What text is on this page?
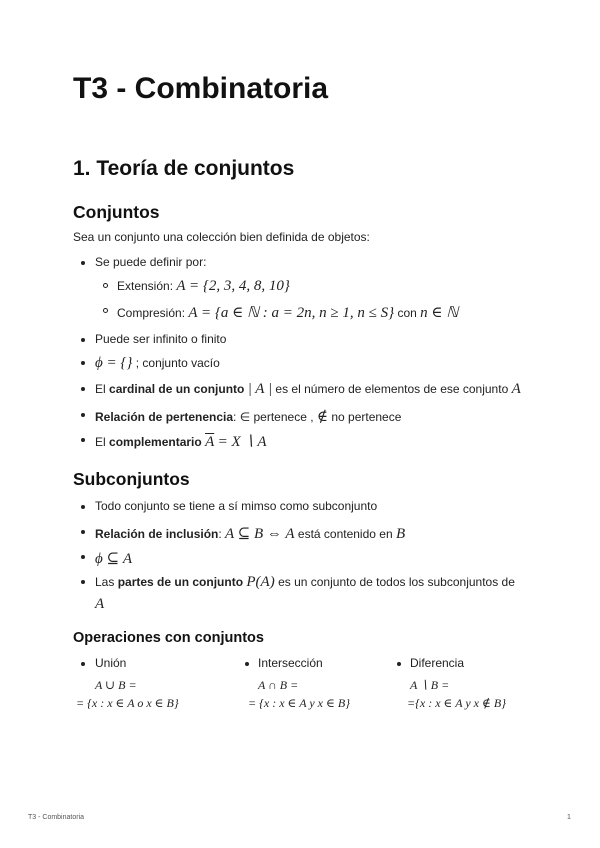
T3 - Combinatoria
1. Teoría de conjuntos
Conjuntos
Sea un conjunto una colección bien definida de objetos:
Se puede definir por:
Extensión: A = {2, 3, 4, 8, 10}
Compresión: A = {a ∈ ℕ : a = 2n, n ≥ 1, n ≤ S} con n ∈ ℕ
Puede ser infinito o finito
ϕ = {} ; conjunto vacío
El cardinal de un conjunto | A | es el número de elementos de ese conjunto A
Relación de pertenencia: ∈ pertenece , ∉ no pertenece
El complementario $\overline{A} = X$ ∖ A
Subconjuntos
Todo conjunto se tiene a sí mimso como subconjunto
Relación de inclusión: A ⊆ B ⇔ A está contenido en B
ϕ ⊆ A
Las partes de un conjunto P(A) es un conjunto de todos los subconjuntos de
A
Operaciones con conjuntos
Unión
A ∪ B =
= {x : x ∈ A o x ∈ B}
Intersección
A ∩ B =
= {x : x ∈ A y x ∈ B}
Diferencia
A ∖ B =
={x : x ∈ A y x ∉ B}
T3 - Combinatoria	1
